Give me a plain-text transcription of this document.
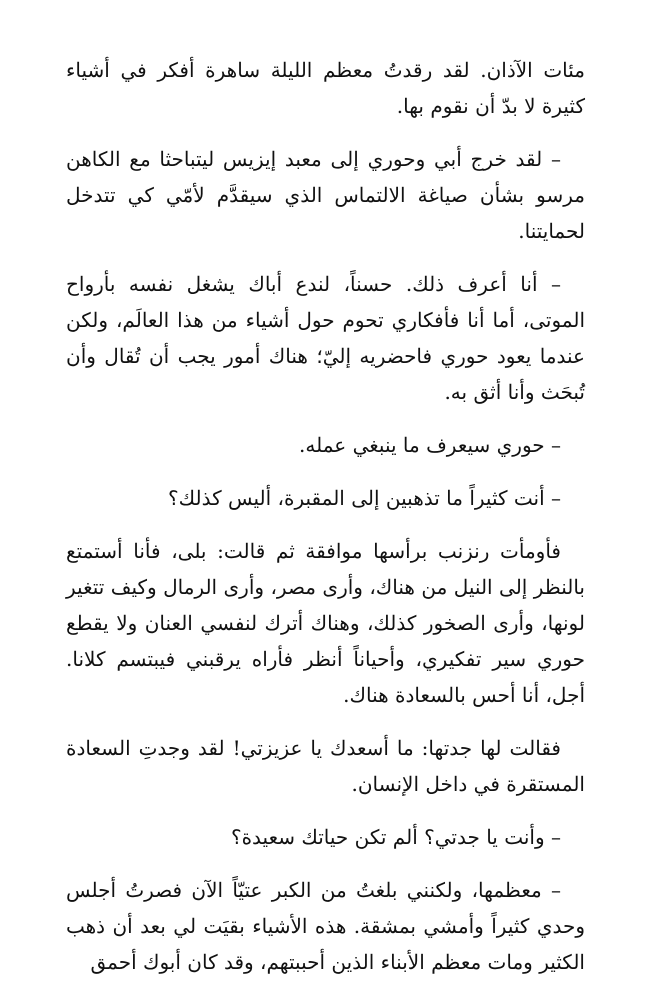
مئات الآذان. لقد رقدتُ معظم الليلة ساهرة أفكر في أشياء كثيرة لا بدّ أن نقوم بها.

– لقد خرج أبي وحوري إلى معبد إيزيس ليتباحثا مع الكاهن مرسو بشأن صياغة الالتماس الذي سيقدَّم لأمّي كي تتدخل لحمايتنا.

– أنا أعرف ذلك. حسناً، لندع أباك يشغل نفسه بأرواح الموتى، أما أنا فأفكاري تحوم حول أشياء من هذا العالَم، ولكن عندما يعود حوري فاحضريه إليّ؛ هناك أمور يجب أن تُقال وأن تُبحَث وأنا أثق به.

– حوري سيعرف ما ينبغي عمله.

– أنت كثيراً ما تذهبين إلى المقبرة، أليس كذلك؟

فأومأت رنزنب برأسها موافقة ثم قالت: بلى، فأنا أستمتع بالنظر إلى النيل من هناك، وأرى مصر، وأرى الرمال وكيف تتغير لونها، وأرى الصخور كذلك، وهناك أترك لنفسي العنان ولا يقطع حوري سير تفكيري، وأحياناً أنظر فأراه يرقبني فيبتسم كلانا. أجل، أنا أحس بالسعادة هناك.

فقالت لها جدتها: ما أسعدك يا عزيزتي! لقد وجدتِ السعادة المستقرة في داخل الإنسان.

– وأنت يا جدتي؟ ألم تكن حياتك سعيدة؟

– معظمها، ولكنني بلغتُ من الكبر عتيّاً الآن فصرتُ أجلس وحدي كثيراً وأمشي بمشقة. هذه الأشياء بقيَت لي بعد أن ذهب الكثير ومات معظم الأبناء الذين أحببتهم، وقد كان أبوك أحمق
